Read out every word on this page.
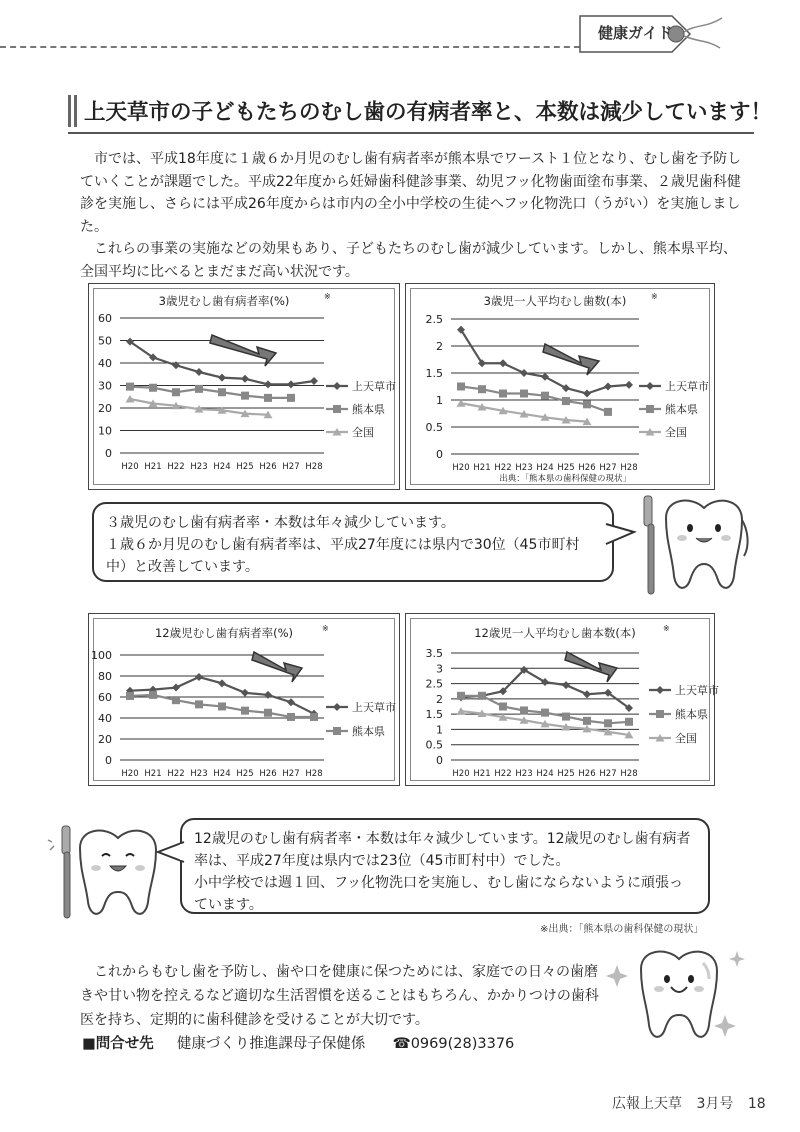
健康ガイド
上天草市の子どもたちのむし歯の有病者率と、本数は減少しています！

市では、平成18年度に１歳６か月児のむし歯有病者率が熊本県でワースト１位となり、むし歯を予防していくことが課題でした。平成22年度から妊婦歯科健診事業、幼児フッ化物歯面塗布事業、２歳児歯科健診を実施し、さらには平成26年度からは市内の全小中学校の生徒へフッ化物洗口（うがい）を実施しました。

これらの事業の実施などの効果もあり、子どもたちのむし歯が減少しています。しかし、熊本県平均、全国平均に比べるとまだまだ高い状況です。

3歳児むし歯有病者率(%)	※
0
10
20
30
40
50
60
H20 H21 H22 H23 H24 H25 H26 H27 H28
上天草市
熊本県
全国
3歳児一人平均むし歯数(本)	※
0
0.5
1
1.5
2
2.5
H20 H21 H22 H23 H24 H25 H26 H27 H28
上天草市
熊本県
全国
出典：「熊本県の歯科保健の現状」
12歳児むし歯有病者率(%)	※
0
20
40
60
80
100
H20 H21 H22 H23 H24 H25 H26 H27 H28
上天草市
熊本県
12歳児一人平均むし歯本数(本)	※
0
0.5
1
1.5
2
2.5
3
3.5
H20 H21 H22 H23 H24 H25 H26 H27 H28
上天草市
熊本県
全国
３歳児のむし歯有病者率・本数は年々減少しています。
１歳６か月児のむし歯有病者率は、平成27年度には県内で30位（45市町村中）と改善しています。
12歳児のむし歯有病者率・本数は年々減少しています。12歳児のむし歯有病者率は、平成27年度は県内では23位（45市町村中）でした。
小中学校では週１回、フッ化物洗口を実施し、むし歯にならないように頑張っています。
※出典：「熊本県の歯科保健の現状」

これからもむし歯を予防し、歯や口を健康に保つためには、家庭での日々の歯磨きや甘い物を控えるなど適切な生活習慣を送ることはもちろん、かかりつけの歯科医を持ち、定期的に歯科健診を受けることが大切です。

■問合せ先 健康づくり推進課母子保健係 ☎0969(28)3376
広報上天草 3月号 18
